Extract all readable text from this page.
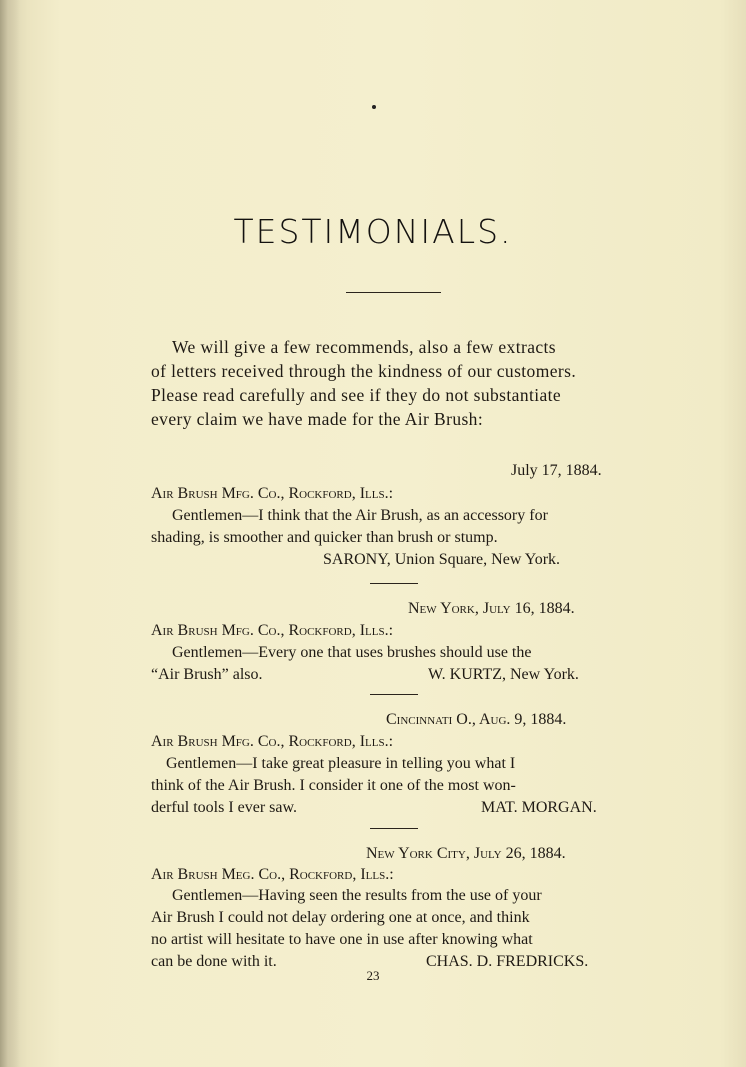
TESTIMONIALS.
We will give a few recommends, also a few extracts
of letters received through the kindness of our customers.
Please read carefully and see if they do not substantiate
every claim we have made for the Air Brush:
July 17, 1884.
Air Brush Mfg. Co., Rockford, Ills.:
Gentlemen—I think that the Air Brush, as an accessory for
shading, is smoother and quicker than brush or stump.
SARONY, Union Square, New York.
New York, July 16, 1884.
Air Brush Mfg. Co., Rockford, Ills.:
Gentlemen—Every one that uses brushes should use the
“Air Brush” also.	W. KURTZ, New York.
Cincinnati O., Aug. 9, 1884.
Air Brush Mfg. Co., Rockford, Ills.:
Gentlemen—I take great pleasure in telling you what I
think of the Air Brush. I consider it one of the most won-
derful tools I ever saw.	MAT. MORGAN.
New York City, July 26, 1884.
Air Brush Meg. Co., Rockford, Ills.:
Gentlemen—Having seen the results from the use of your
Air Brush I could not delay ordering one at once, and think
no artist will hesitate to have one in use after knowing what
can be done with it.	CHAS. D. FREDRICKS.
23
